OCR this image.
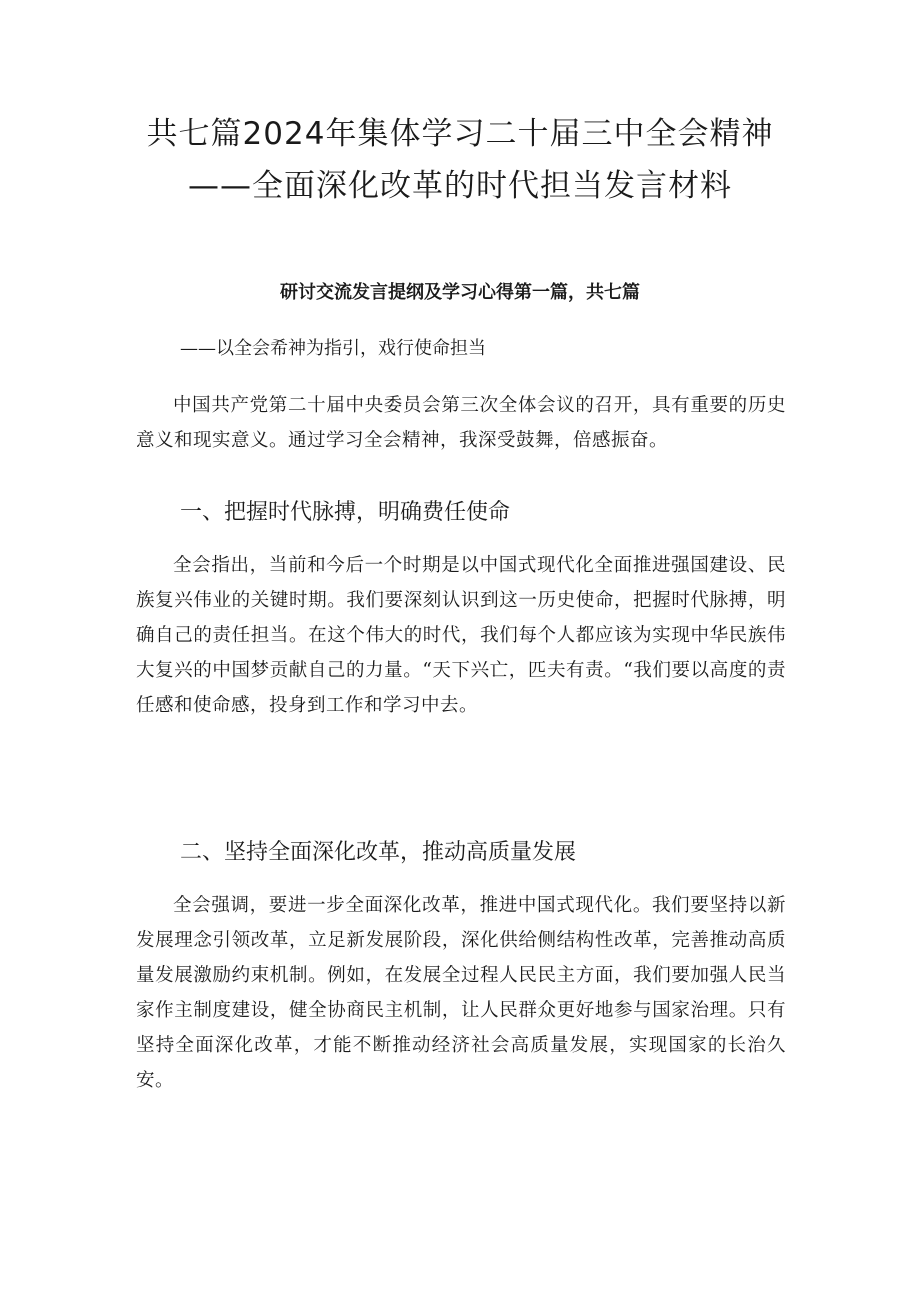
共七篇2024年集体学习二十届三中全会精神——全面深化改革的时代担当发言材料

研讨交流发言提纲及学习心得第一篇，共七篇

——以全会希神为指引，戏行使命担当

中国共产党第二十届中央委员会第三次全体会议的召开，具有重要的历史意义和现实意义。通过学习全会精神，我深受鼓舞，倍感振奋。

一、把握时代脉搏，明确费任使命

全会指出，当前和今后一个时期是以中国式现代化全面推进强国建设、民族复兴伟业的关键时期。我们要深刻认识到这一历史使命，把握时代脉搏，明确自己的责任担当。在这个伟大的时代，我们每个人都应该为实现中华民族伟大复兴的中国梦贡献自己的力量。“天下兴亡，匹夫有责。“我们要以高度的责任感和使命感，投身到工作和学习中去。

二、坚持全面深化改革，推动高质量发展

全会强调，要进一步全面深化改革，推进中国式现代化。我们要坚持以新发展理念引领改革，立足新发展阶段，深化供给侧结构性改革，完善推动高质量发展激励约束机制。例如，在发展全过程人民民主方面，我们要加强人民当家作主制度建设，健全协商民主机制，让人民群众更好地参与国家治理。只有坚持全面深化改革，才能不断推动经济社会高质量发展，实现国家的长治久安。
